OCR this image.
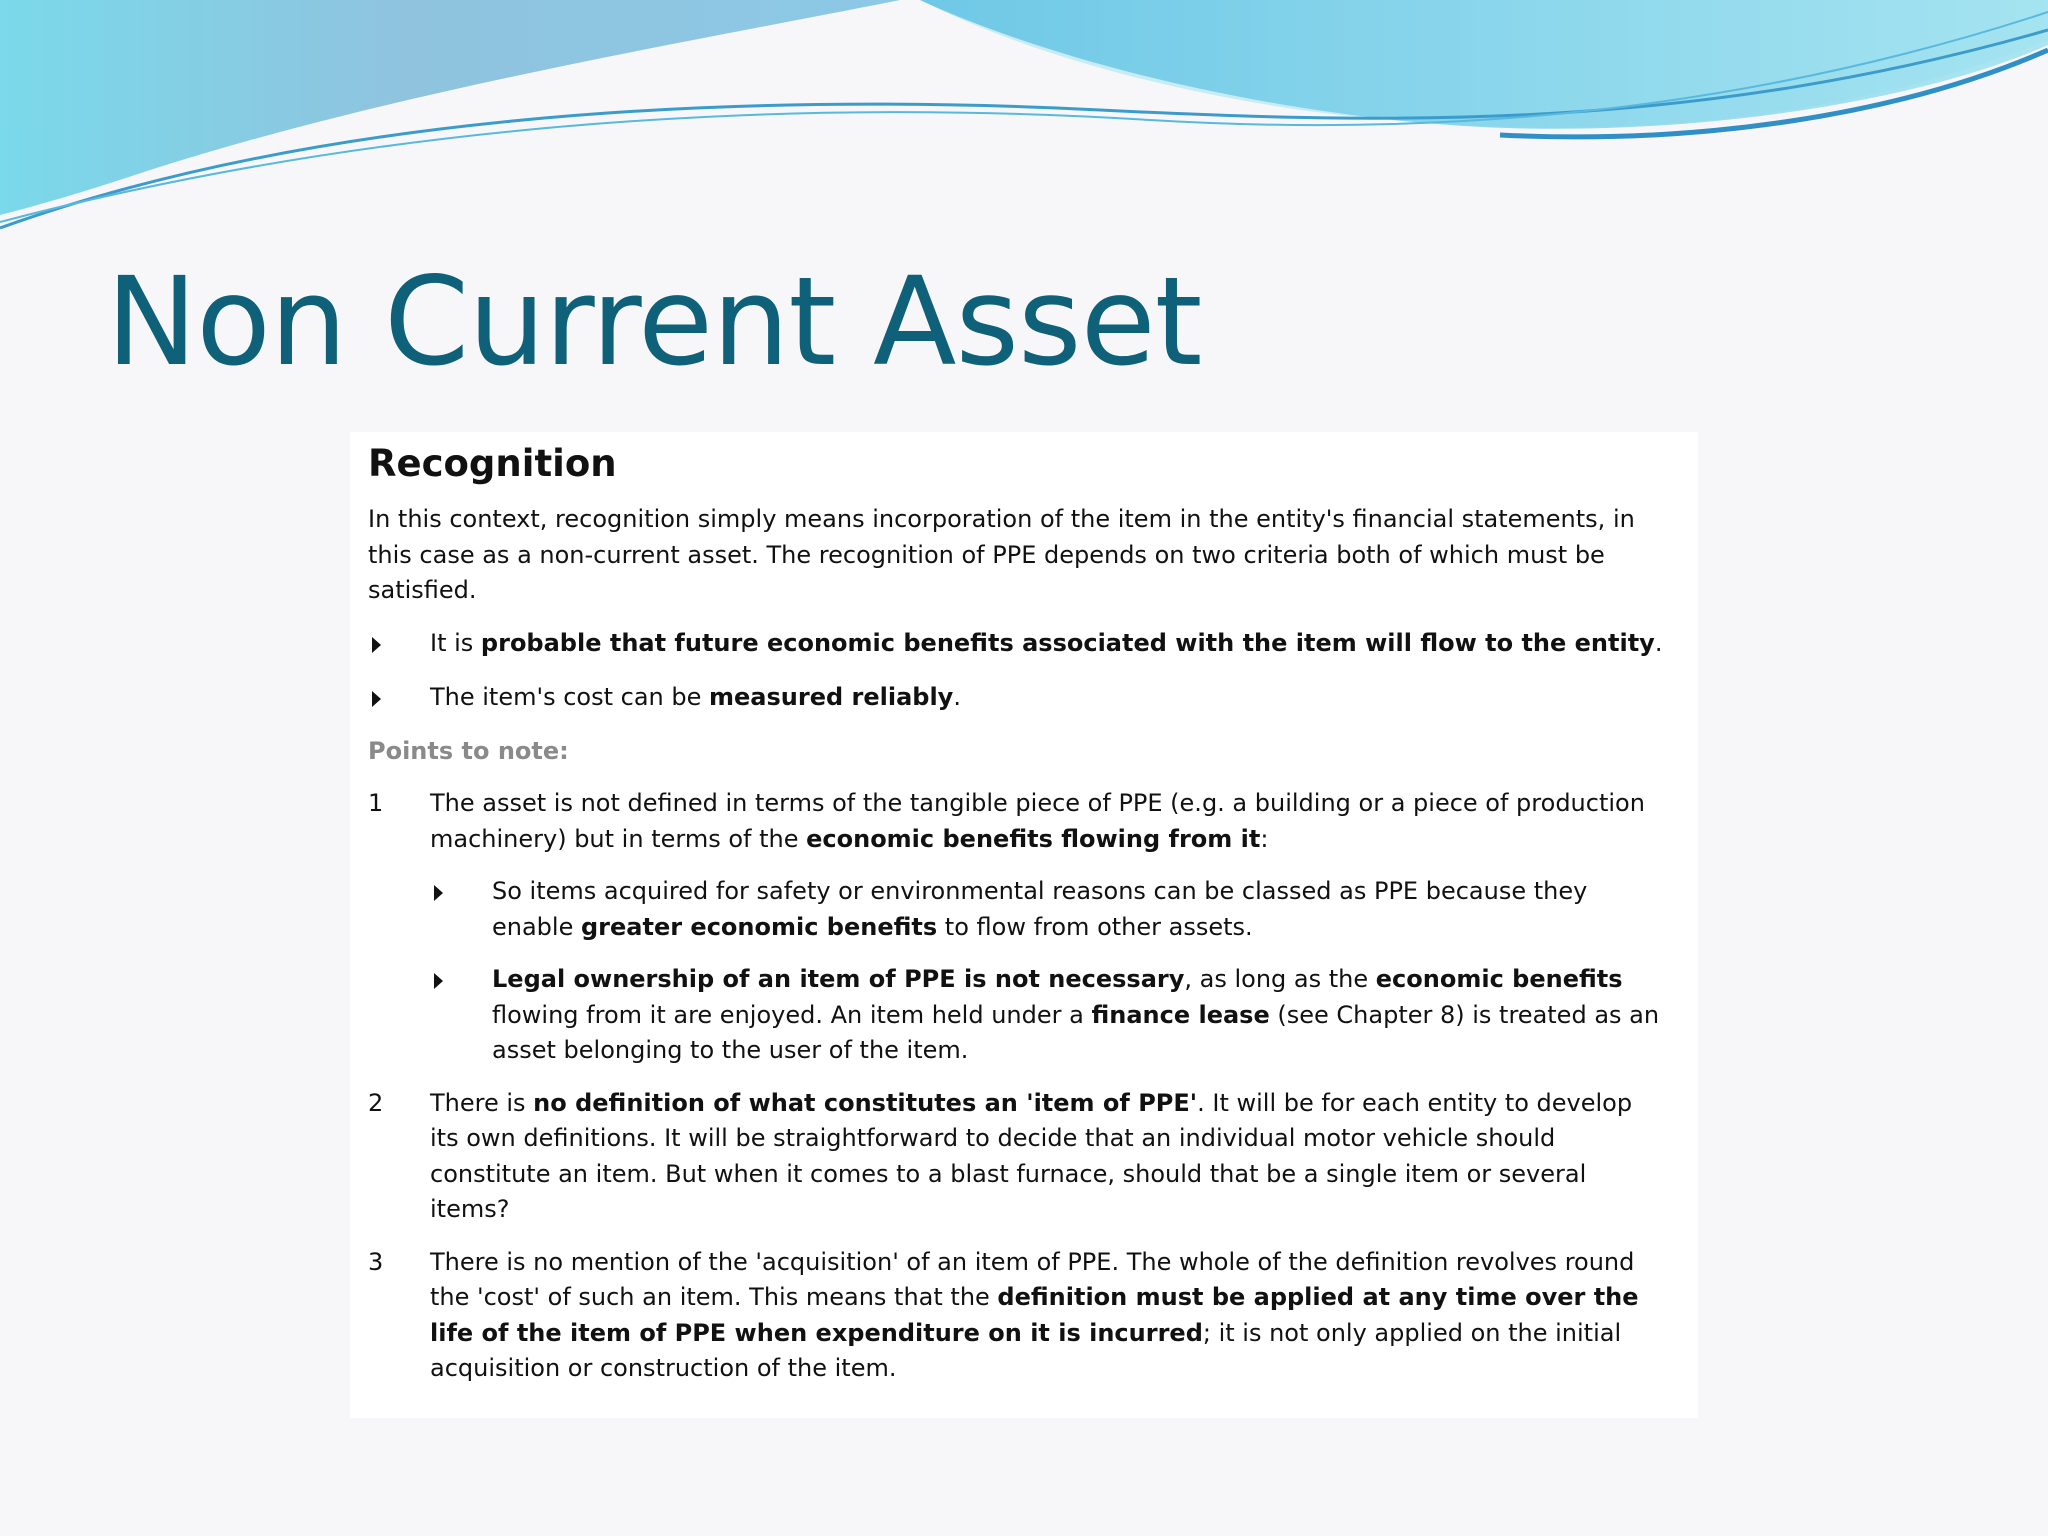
Non Current Asset
Recognition

In this context, recognition simply means incorporation of the item in the entity's financial statements, in this case as a non-current asset. The recognition of PPE depends on two criteria both of which must be satisfied.

It is probable that future economic benefits associated with the item will flow to the entity.
The item's cost can be measured reliably.

Points to note:

1	The asset is not defined in terms of the tangible piece of PPE (e.g. a building or a piece of production machinery) but in terms of the economic benefits flowing from it:
So items acquired for safety or environmental reasons can be classed as PPE because they enable greater economic benefits to flow from other assets.
Legal ownership of an item of PPE is not necessary, as long as the economic benefits flowing from it are enjoyed. An item held under a finance lease (see Chapter 8) is treated as an asset belonging to the user of the item.
2	There is no definition of what constitutes an 'item of PPE'. It will be for each entity to develop its own definitions. It will be straightforward to decide that an individual motor vehicle should constitute an item. But when it comes to a blast furnace, should that be a single item or several items?
3	There is no mention of the 'acquisition' of an item of PPE. The whole of the definition revolves round the 'cost' of such an item. This means that the definition must be applied at any time over the life of the item of PPE when expenditure on it is incurred; it is not only applied on the initial acquisition or construction of the item.
